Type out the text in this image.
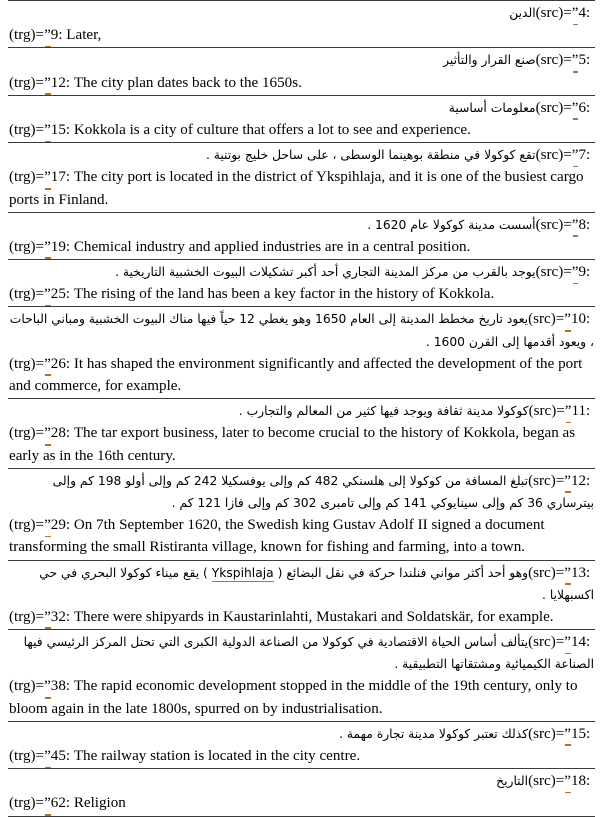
(src)=”4: الدين
(trg)=”9: Later,

(src)=”5: صنع القرار والتأثير
(trg)=”12: The city plan dates back to the 1650s.

(src)=”6: معلومات أساسية
(trg)=”15: Kokkola is a city of culture that offers a lot to see and experience.

(src)=”7: تقع كوكولا في منطقة بوهينما الوسطى ، على ساحل خليج بوتنية .
(trg)=”17: The city port is located in the district of Ykspihlaja, and it is one of the busiest cargo ports in Finland.

(src)=”8: أسست مدينة كوكولا عام 1620 .
(trg)=”19: Chemical industry and applied industries are in a central position.

(src)=”9: يوجد بالقرب من مركز المدينة التجاري أحد أكبر تشكيلات البيوت الخشبية التاريخية .
(trg)=”25: The rising of the land has been a key factor in the history of Kokkola.

(src)=”10: يعود تاريخ مخطط المدينة إلى العام 1650 وهو يغطي 12 حياً فيها مناك البيوت الخشبية ومباني الباحات ، ويعود أقدمها إلى القرن 1600 .
(trg)=”26: It has shaped the environment significantly and affected the development of the port and commerce, for example.

(src)=”11: كوكولا مدينة ثقافة ويوجد فيها كثير من المعالم والتجارب .
(trg)=”28: The tar export business, later to become crucial to the history of Kokkola, began as early as in the 16th century.

(src)=”12: تبلغ المسافة من كوكولا إلى هلسنكي 482 كم وإلى يوفسكيلا 242 كم وإلى أولو 198 كم وإلى بيترساري 36 كم وإلى سينايوكي 141 كم وإلى تامبرى 302 كم وإلى فازا 121 كم .
(trg)=”29: On 7th September 1620, the Swedish king Gustav Adolf II signed a document transforming the small Ristiranta village, known for fishing and farming, into a town.

(src)=”13: وهو أحد أكثر مواني فنلندا حركة في نقل البضائع ( Ykspihlaja ) يقع ميناء كوكولا البحري في حي اكسبهلايا .
(trg)=”32: There were shipyards in Kaustarinlahti, Mustakari and Soldatskär, for example.

(src)=”14: يتألف أساس الحياة الاقتصادية في كوكولا من الصناعة الدولية الكبرى التي تحتل المركز الرئيسي فيها الصناعة الكيميائية ومشتقاتها التطبيقية .
(trg)=”38: The rapid economic development stopped in the middle of the 19th century, only to bloom again in the late 1800s, spurred on by industrialisation.

(src)=”15: كذلك تعتبر كوكولا مدينة تجارة مهمة .
(trg)=”45: The railway station is located in the city centre.

(src)=”18: التاريخ
(trg)=”62: Religion
